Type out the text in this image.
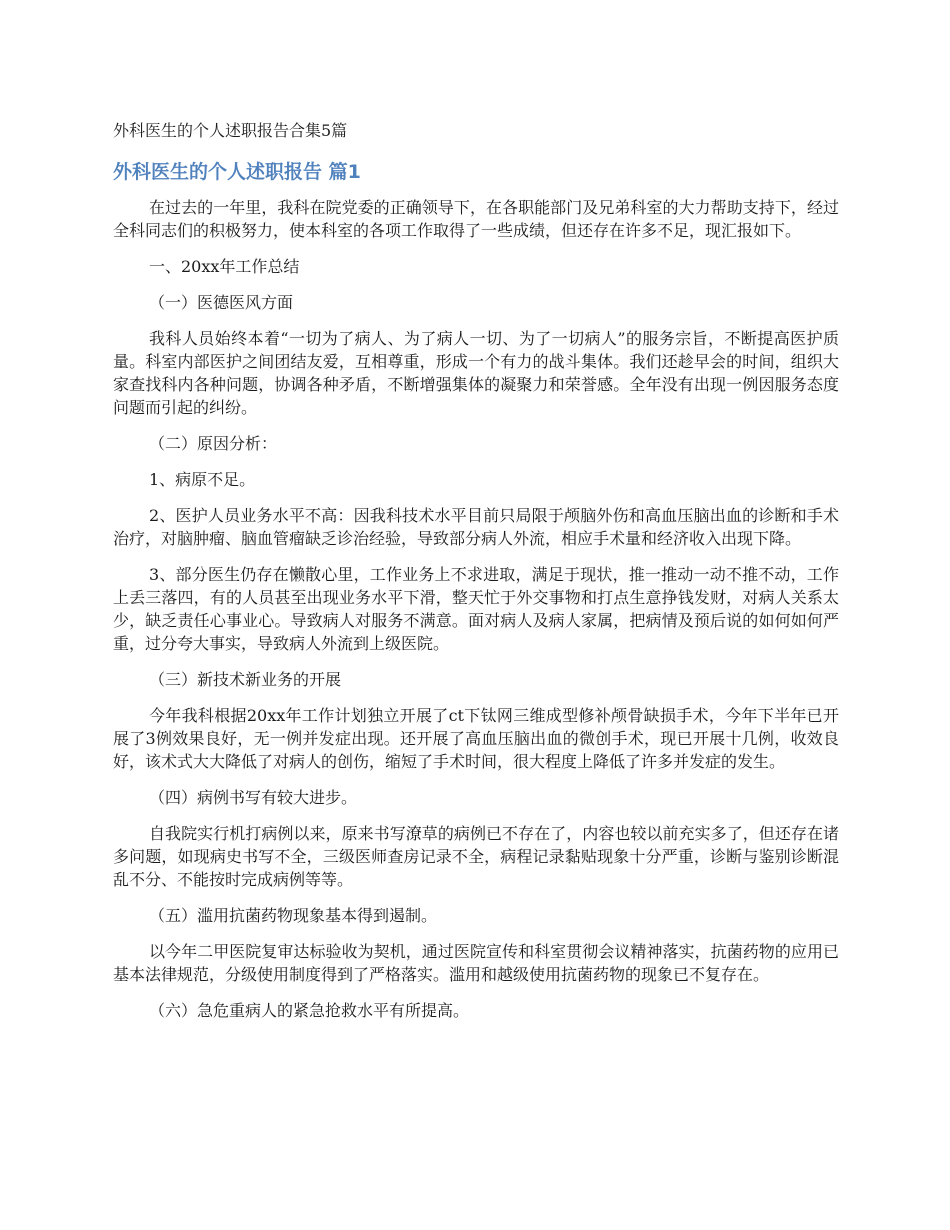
外科医生的个人述职报告合集5篇
外科医生的个人述职报告 篇1
在过去的一年里，我科在院党委的正确领导下，在各职能部门及兄弟科室的大力帮助支持下，经过全科同志们的积极努力，使本科室的各项工作取得了一些成绩，但还存在许多不足，现汇报如下。
一、20xx年工作总结
（一）医德医风方面
我科人员始终本着“一切为了病人、为了病人一切、为了一切病人”的服务宗旨，不断提高医护质量。科室内部医护之间团结友爱，互相尊重，形成一个有力的战斗集体。我们还趁早会的时间，组织大家查找科内各种问题，协调各种矛盾，不断增强集体的凝聚力和荣誉感。全年没有出现一例因服务态度问题而引起的纠纷。
（二）原因分析：
1、病原不足。
2、医护人员业务水平不高：因我科技术水平目前只局限于颅脑外伤和高血压脑出血的诊断和手术治疗，对脑肿瘤、脑血管瘤缺乏诊治经验，导致部分病人外流，相应手术量和经济收入出现下降。
3、部分医生仍存在懒散心里，工作业务上不求进取，满足于现状，推一推动一动不推不动，工作上丢三落四，有的人员甚至出现业务水平下滑，整天忙于外交事物和打点生意挣钱发财，对病人关系太少，缺乏责任心事业心。导致病人对服务不满意。面对病人及病人家属，把病情及预后说的如何如何严重，过分夸大事实，导致病人外流到上级医院。
（三）新技术新业务的开展
今年我科根据20xx年工作计划独立开展了ct下钛网三维成型修补颅骨缺损手术，今年下半年已开展了3例效果良好，无一例并发症出现。还开展了高血压脑出血的微创手术，现已开展十几例，收效良好，该术式大大降低了对病人的创伤，缩短了手术时间，很大程度上降低了许多并发症的发生。
（四）病例书写有较大进步。
自我院实行机打病例以来，原来书写潦草的病例已不存在了，内容也较以前充实多了，但还存在诸多问题，如现病史书写不全，三级医师查房记录不全，病程记录黏贴现象十分严重，诊断与鉴别诊断混乱不分、不能按时完成病例等等。
（五）滥用抗菌药物现象基本得到遏制。
以今年二甲医院复审达标验收为契机，通过医院宣传和科室贯彻会议精神落实，抗菌药物的应用已基本法律规范，分级使用制度得到了严格落实。滥用和越级使用抗菌药物的现象已不复存在。
（六）急危重病人的紧急抢救水平有所提高。
